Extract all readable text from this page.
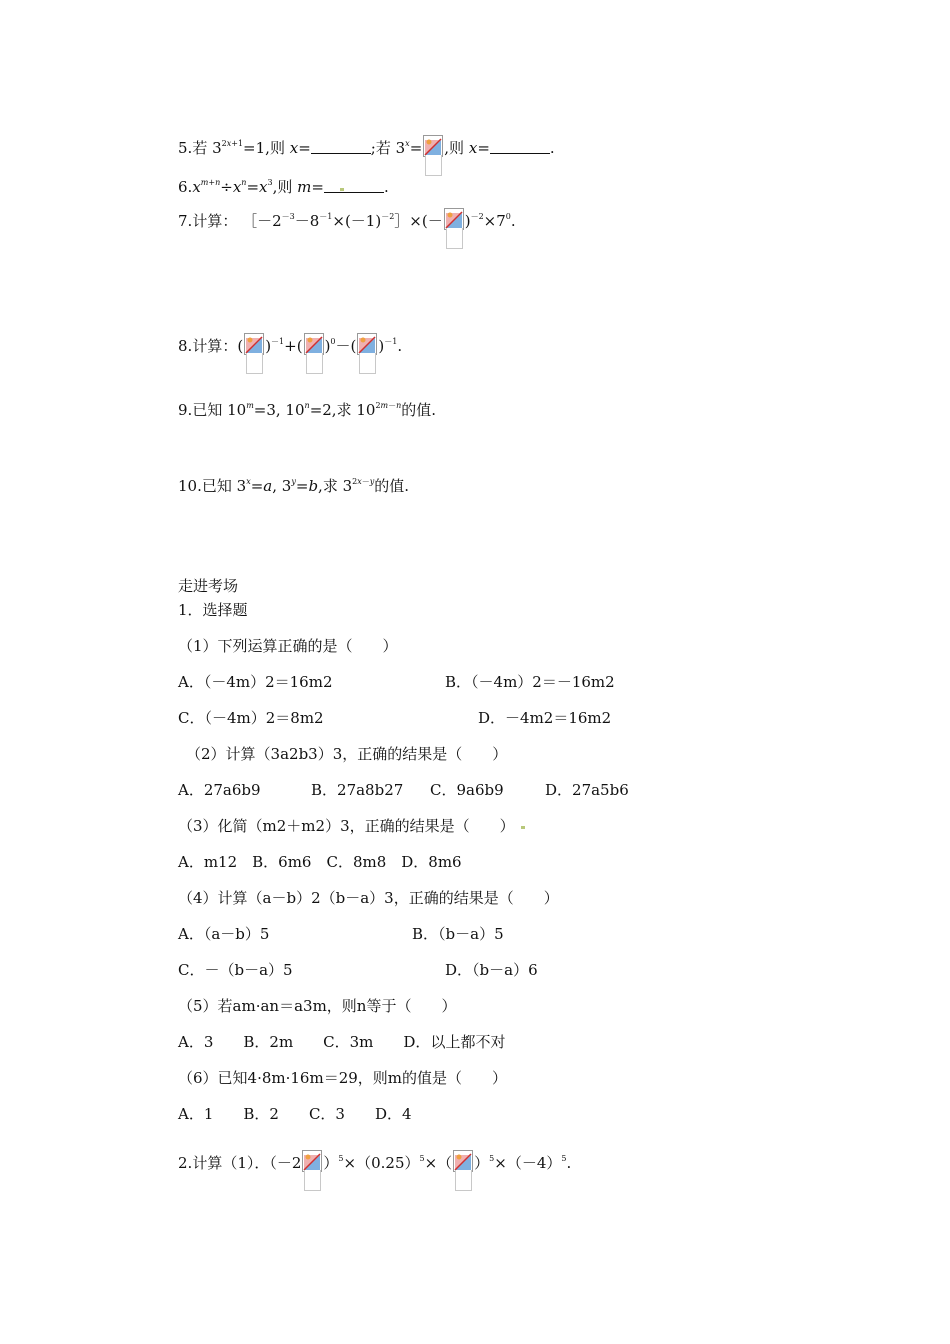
5.若 $3^{2x+1}=1$,则 x=	;若 $3^x=$ ,则 x=	.
$6.x^{m+n}\div x^n=x^3$,则 m=	.
7.计算： $[-2^{-3}-8^{-1}\times(-1)^{-2}]\times(- )^{-2}\times 7^0$.
8.计算：( )$^{-1}$+( )$^0$－( )$^{-1}$.
9.已知 $10^m=3$, $10^n=2$,求 $10^{2m-n}$的值.
10.已知 $3^x=a$, $3^y=b$,求 $3^{2x-y}$的值.
走进考场
1．选择题
（1）下列运算正确的是（　　）
A．（－4m）2＝16m2	B．（－4m）2＝－16m2
C．（－4m）2＝8m2	D．－4m2＝16m2
（2）计算（3a2b3）3，正确的结果是（　　）
A．27a6b9	B．27a8b27 C．9a6b9	D．27a5b6
（3）化简（m2＋m2）3，正确的结果是（　　）
A．m12　B．6m6　C．8m8　D．8m6
（4）计算（a－b）2（b－a）3，正确的结果是（　　）
A．（a－b）5	B．（b－a）5
C．－（b－a）5	D．（b－a）6
（5）若am·an＝a3m，则n等于（　　）
A．3　　B．2m　　C．3m　　D．以上都不对
（6）已知4·8m·16m＝29，则m的值是（　　）
A．1　　B．2　　C．3　　D．4
2.计算（1）．（－2 ）$^5\times(0.25)^5\times$（ ）$^5\times(-4)^5$.
